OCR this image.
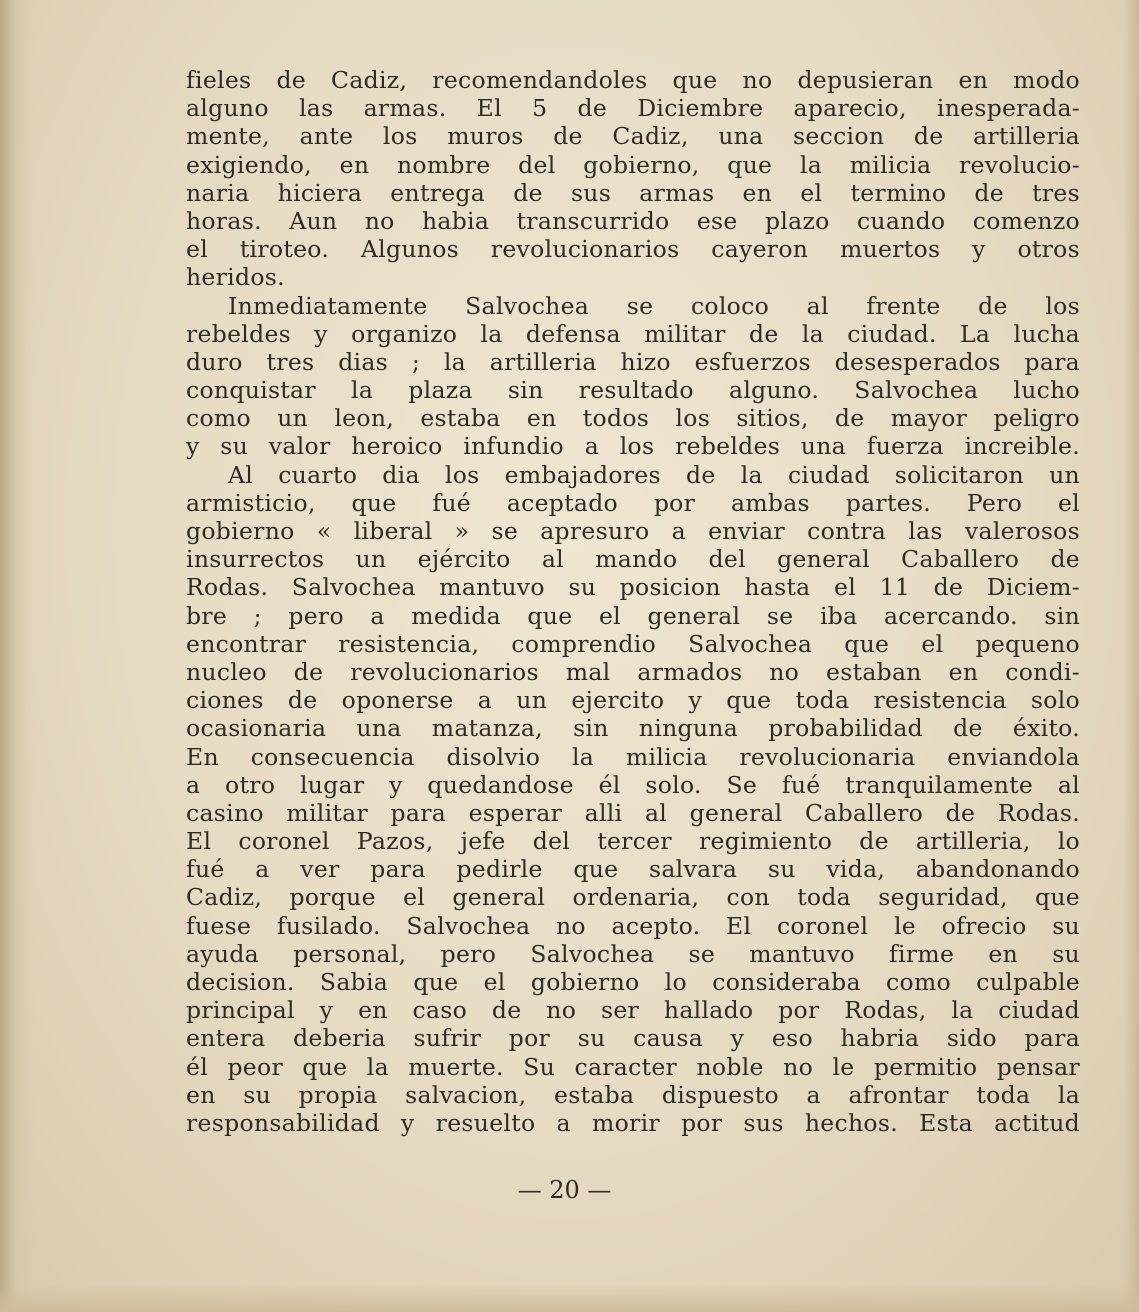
fieles de Cadiz, recomendandoles que no depusieran en modo
alguno las armas. El 5 de Diciembre aparecio, inesperada-
mente, ante los muros de Cadiz, una seccion de artilleria
exigiendo, en nombre del gobierno, que la milicia revolucio-
naria hiciera entrega de sus armas en el termino de tres
horas. Aun no habia transcurrido ese plazo cuando comenzo
el tiroteo. Algunos revolucionarios cayeron muertos y otros
heridos.
Inmediatamente Salvochea se coloco al frente de los
rebeldes y organizo la defensa militar de la ciudad. La lucha
duro tres dias ; la artilleria hizo esfuerzos desesperados para
conquistar la plaza sin resultado alguno. Salvochea lucho
como un leon, estaba en todos los sitios, de mayor peligro
y su valor heroico infundio a los rebeldes una fuerza increible.
Al cuarto dia los embajadores de la ciudad solicitaron un
armisticio, que fué aceptado por ambas partes. Pero el
gobierno « liberal » se apresuro a enviar contra las valerosos
insurrectos un ejército al mando del general Caballero de
Rodas. Salvochea mantuvo su posicion hasta el 11 de Diciem-
bre ; pero a medida que el general se iba acercando. sin
encontrar resistencia, comprendio Salvochea que el pequeno
nucleo de revolucionarios mal armados no estaban en condi-
ciones de oponerse a un ejercito y que toda resistencia solo
ocasionaria una matanza, sin ninguna probabilidad de éxito.
En consecuencia disolvio la milicia revolucionaria enviandola
a otro lugar y quedandose él solo. Se fué tranquilamente al
casino militar para esperar alli al general Caballero de Rodas.
El coronel Pazos, jefe del tercer regimiento de artilleria, lo
fué a ver para pedirle que salvara su vida, abandonando
Cadiz, porque el general ordenaria, con toda seguridad, que
fuese fusilado. Salvochea no acepto. El coronel le ofrecio su
ayuda personal, pero Salvochea se mantuvo firme en su
decision. Sabia que el gobierno lo consideraba como culpable
principal y en caso de no ser hallado por Rodas, la ciudad
entera deberia sufrir por su causa y eso habria sido para
él peor que la muerte. Su caracter noble no le permitio pensar
en su propia salvacion, estaba dispuesto a afrontar toda la
responsabilidad y resuelto a morir por sus hechos. Esta actitud
— 20 —
